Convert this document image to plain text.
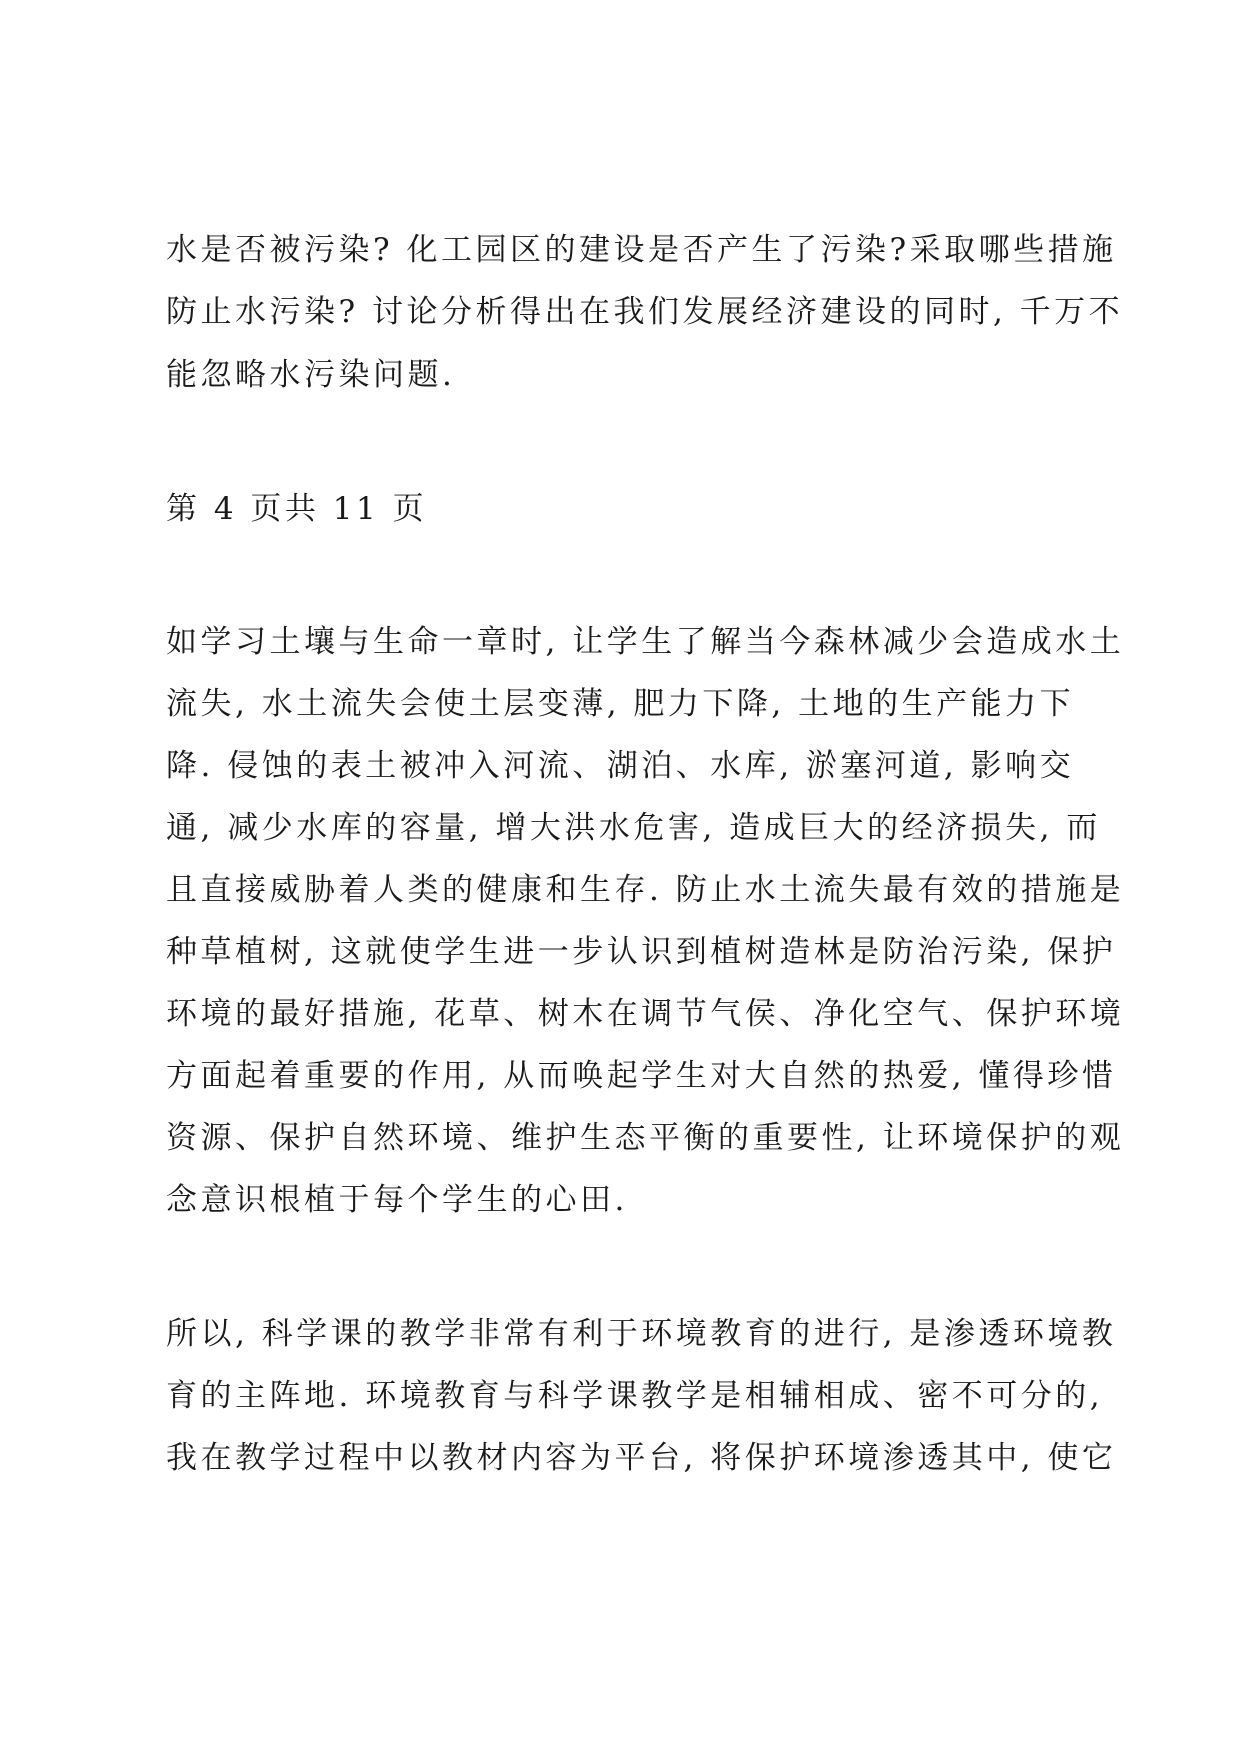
水是否被污染? 化工园区的建设是否产生了污染?采取哪些措施
防止水污染? 讨论分析得出在我们发展经济建设的同时, 千万不
能忽略水污染问题.
第 4 页共 11 页
如学习土壤与生命一章时, 让学生了解当今森林减少会造成水土
流失, 水土流失会使土层变薄, 肥力下降, 土地的生产能力下
降. 侵蚀的表土被冲入河流、湖泊、水库, 淤塞河道, 影响交
通, 减少水库的容量, 增大洪水危害, 造成巨大的经济损失, 而
且直接威胁着人类的健康和生存. 防止水土流失最有效的措施是
种草植树, 这就使学生进一步认识到植树造林是防治污染, 保护
环境的最好措施, 花草、树木在调节气侯、净化空气、保护环境
方面起着重要的作用, 从而唤起学生对大自然的热爱, 懂得珍惜
资源、保护自然环境、维护生态平衡的重要性, 让环境保护的观
念意识根植于每个学生的心田.
所以, 科学课的教学非常有利于环境教育的进行, 是渗透环境教
育的主阵地. 环境教育与科学课教学是相辅相成、密不可分的,
我在教学过程中以教材内容为平台, 将保护环境渗透其中, 使它
